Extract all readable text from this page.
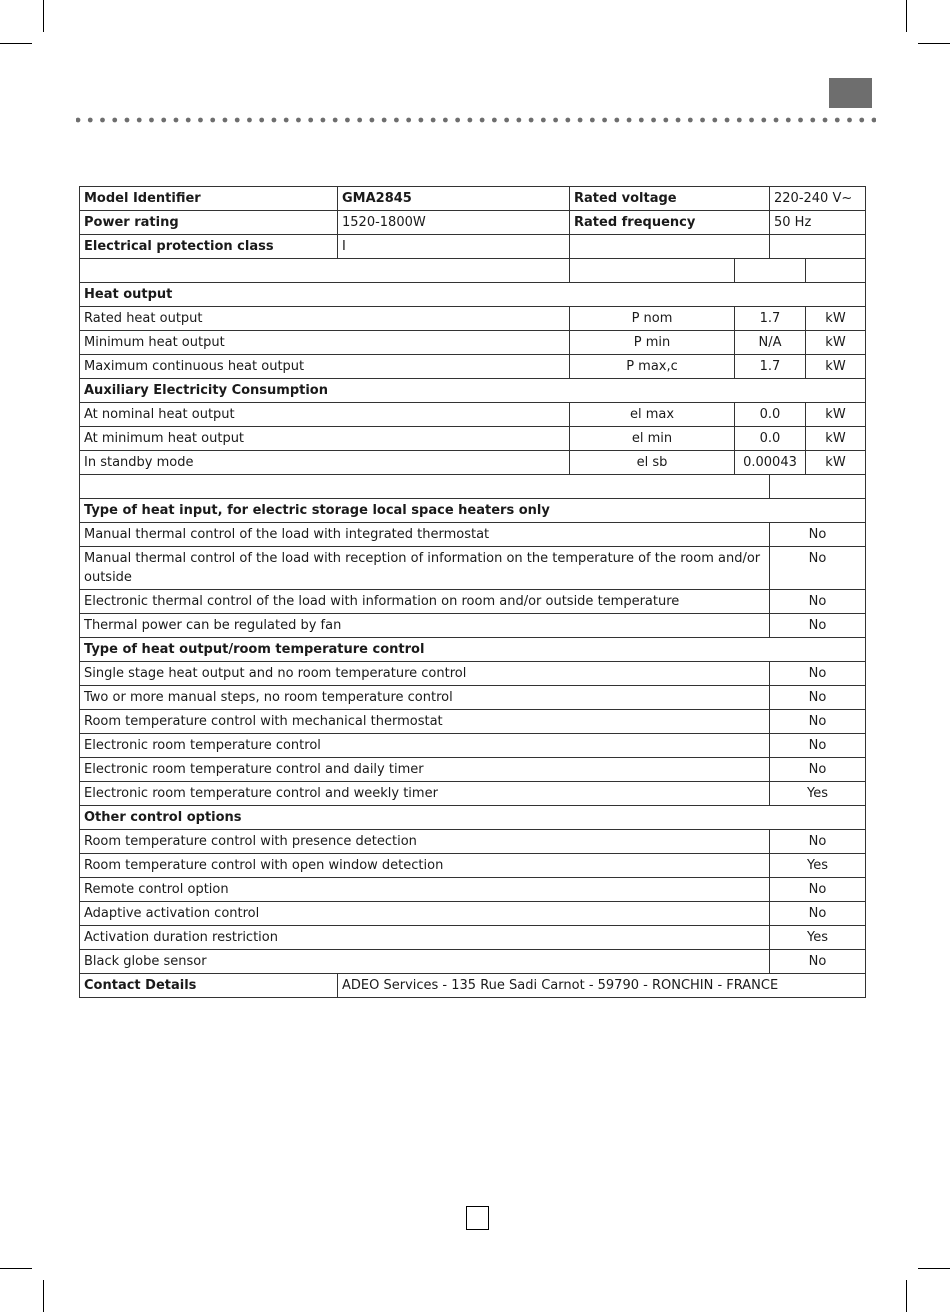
Model Identifier	GMA2845	Rated voltage		220-240 V~	
Power rating	1520-1800W	Rated frequency		50 Hz	
Electrical protection class	I				

Heat output					
Rated heat output		P nom	1.7		kW
Minimum heat output		P min	N/A		kW
Maximum continuous heat output		P max,c	1.7		kW
Auxiliary Electricity Consumption					
At nominal heat output		el max	0.0		kW
At minimum heat output		el min	0.0		kW
In standby mode		el sb	0.00043		kW

Type of heat input, for electric storage local space heaters only					
Manual thermal control of the load with integrated thermostat				No	
Manual thermal control of the load with reception of information on the temperature of the room and/or outside				No	
Electronic thermal control of the load with information on room and/or outside temperature				No	
Thermal power can be regulated by fan				No	
Type of heat output/room temperature control					
Single stage heat output and no room temperature control				No	
Two or more manual steps, no room temperature control				No	
Room temperature control with mechanical thermostat				No	
Electronic room temperature control				No	
Electronic room temperature control and daily timer				No	
Electronic room temperature control and weekly timer				Yes	
Other control options					
Room temperature control with presence detection				No	
Room temperature control with open window detection				Yes	
Remote control option				No	
Adaptive activation control				No	
Activation duration restriction				Yes	
Black globe sensor				No	
Contact Details	ADEO Services - 135 Rue Sadi Carnot - 59790 - RONCHIN - FRANCE				
